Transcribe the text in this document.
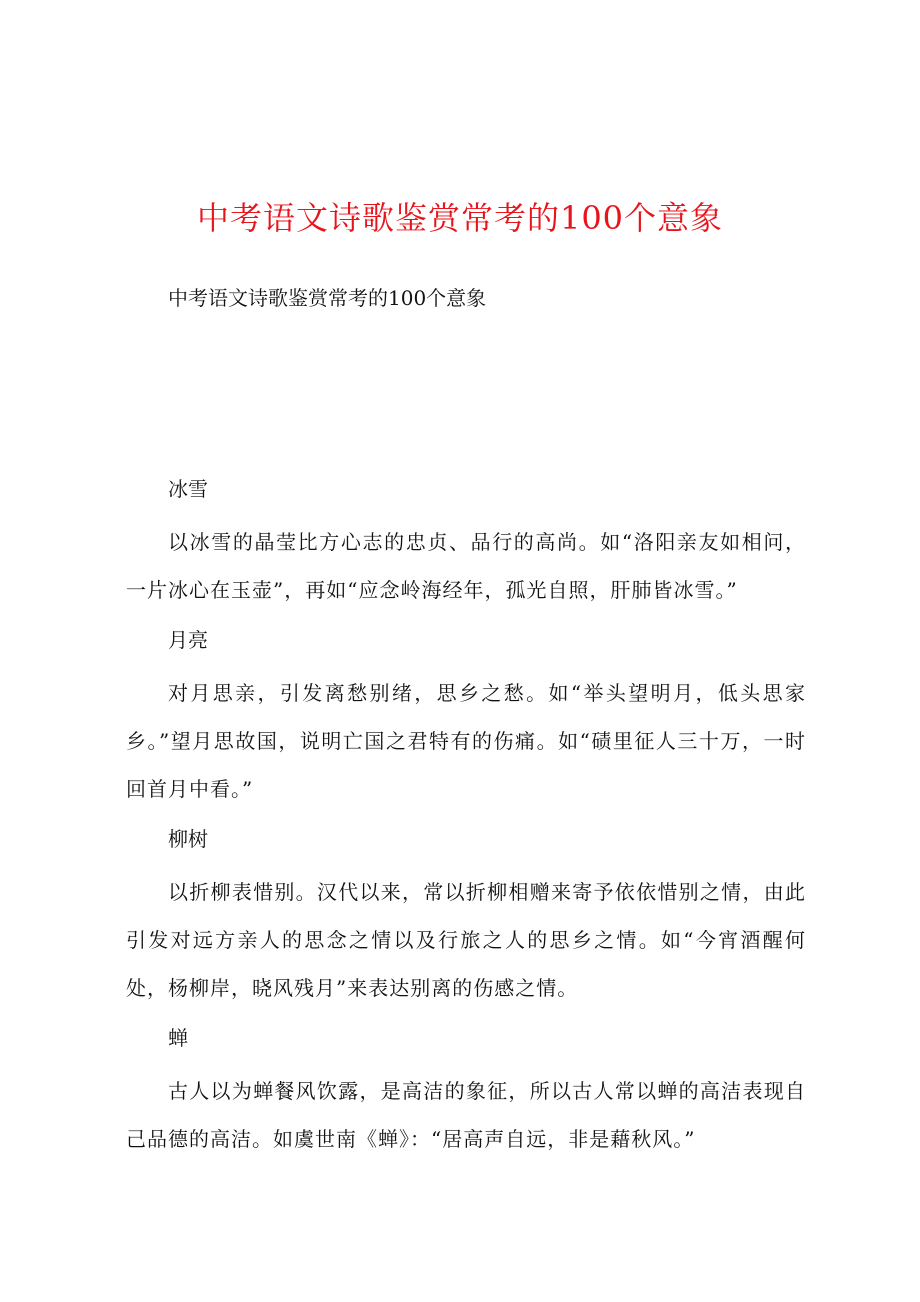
中考语文诗歌鉴赏常考的100个意象

中考语文诗歌鉴赏常考的100个意象

冰雪

以冰雪的晶莹比方心志的忠贞、品行的高尚。如“洛阳亲友如相问，一片冰心在玉壶”，再如“应念岭海经年，孤光自照，肝肺皆冰雪。”

月亮

对月思亲，引发离愁别绪，思乡之愁。如“举头望明月，低头思家乡。”望月思故国，说明亡国之君特有的伤痛。如“碛里征人三十万，一时回首月中看。”

柳树

以折柳表惜别。汉代以来，常以折柳相赠来寄予依依惜别之情，由此引发对远方亲人的思念之情以及行旅之人的思乡之情。如“今宵酒醒何处，杨柳岸，晓风残月”来表达别离的伤感之情。

蝉

古人以为蝉餐风饮露，是高洁的象征，所以古人常以蝉的高洁表现自己品德的高洁。如虞世南《蝉》：“居高声自远，非是藉秋风。”
